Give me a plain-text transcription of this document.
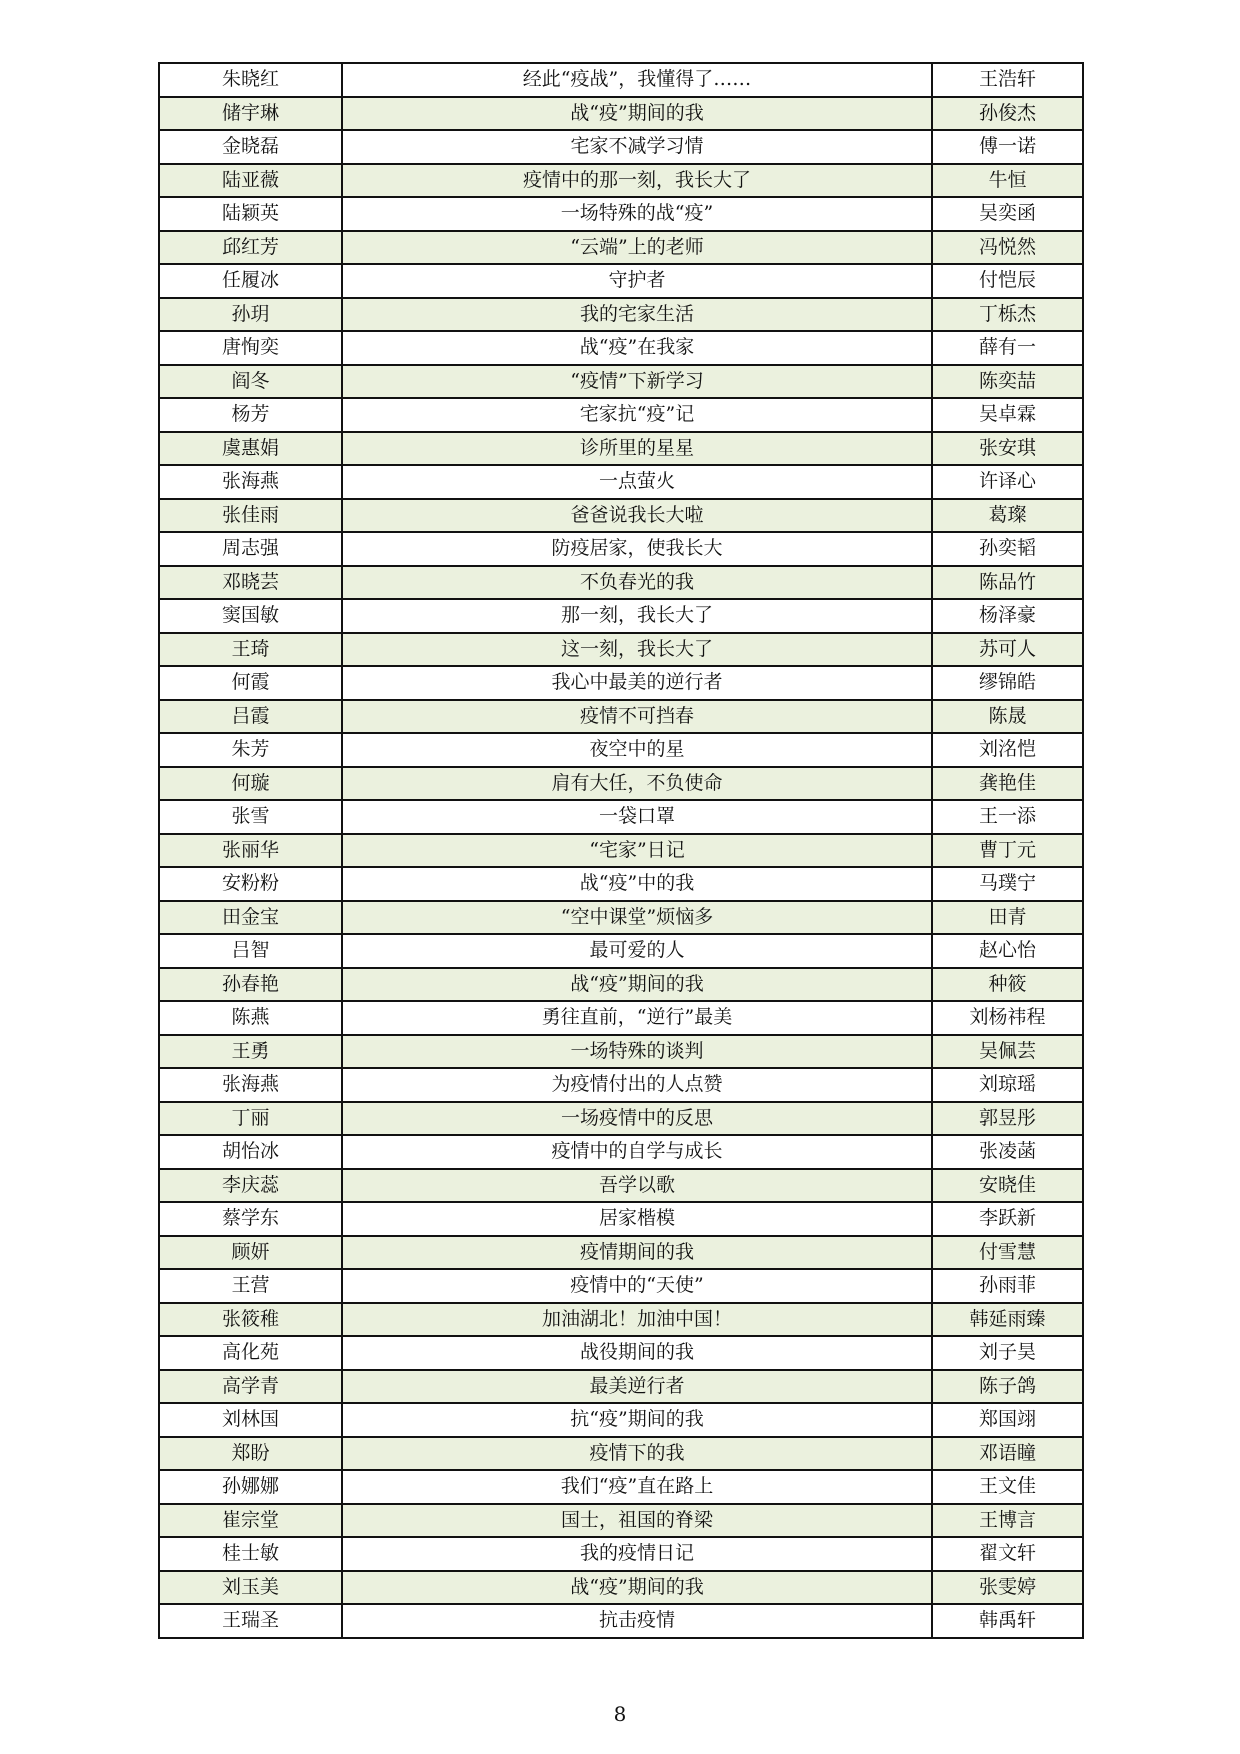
朱晓红	经此“疫战”，我懂得了……	王浩轩
储宇琳	战“疫”期间的我	孙俊杰
金晓磊	宅家不减学习情	傅一诺
陆亚薇	疫情中的那一刻，我长大了	牛恒
陆颖英	一场特殊的战“疫”	吴奕函
邱红芳	“云端”上的老师	冯悦然
任履冰	守护者	付恺辰
孙玥	我的宅家生活	丁栎杰
唐恂奕	战“疫”在我家	薛有一
阎冬	“疫情”下新学习	陈奕喆
杨芳	宅家抗“疫”记	吴卓霖
虞惠娟	诊所里的星星	张安琪
张海燕	一点萤火	许译心
张佳雨	爸爸说我长大啦	葛璨
周志强	防疫居家，使我长大	孙奕韬
邓晓芸	不负春光的我	陈品竹
窦国敏	那一刻，我长大了	杨泽豪
王琦	这一刻，我长大了	苏可人
何霞	我心中最美的逆行者	缪锦皓
吕霞	疫情不可挡春	陈晟
朱芳	夜空中的星	刘洺恺
何璇	肩有大任，不负使命	龚艳佳
张雪	一袋口罩	王一添
张丽华	“宅家”日记	曹丁元
安粉粉	战“疫”中的我	马璞宁
田金宝	“空中课堂”烦恼多	田青
吕智	最可爱的人	赵心怡
孙春艳	战“疫”期间的我	种筱
陈燕	勇往直前，“逆行”最美	刘杨祎程
王勇	一场特殊的谈判	吴佩芸
张海燕	为疫情付出的人点赞	刘琼瑶
丁丽	一场疫情中的反思	郭昱彤
胡怡冰	疫情中的自学与成长	张凌菡
李庆蕊	吾学以歌	安晓佳
蔡学东	居家楷模	李跃新
顾妍	疫情期间的我	付雪慧
王营	疫情中的“天使”	孙雨菲
张筱稚	加油湖北！加油中国！	韩延雨臻
高化苑	战役期间的我	刘子昊
高学青	最美逆行者	陈子鸽
刘林国	抗“疫”期间的我	郑国翊
郑盼	疫情下的我	邓语瞳
孙娜娜	我们“疫”直在路上	王文佳
崔宗堂	国士，祖国的脊梁	王博言
桂士敏	我的疫情日记	翟文轩
刘玉美	战“疫”期间的我	张雯婷
王瑞圣	抗击疫情	韩禹轩
8
